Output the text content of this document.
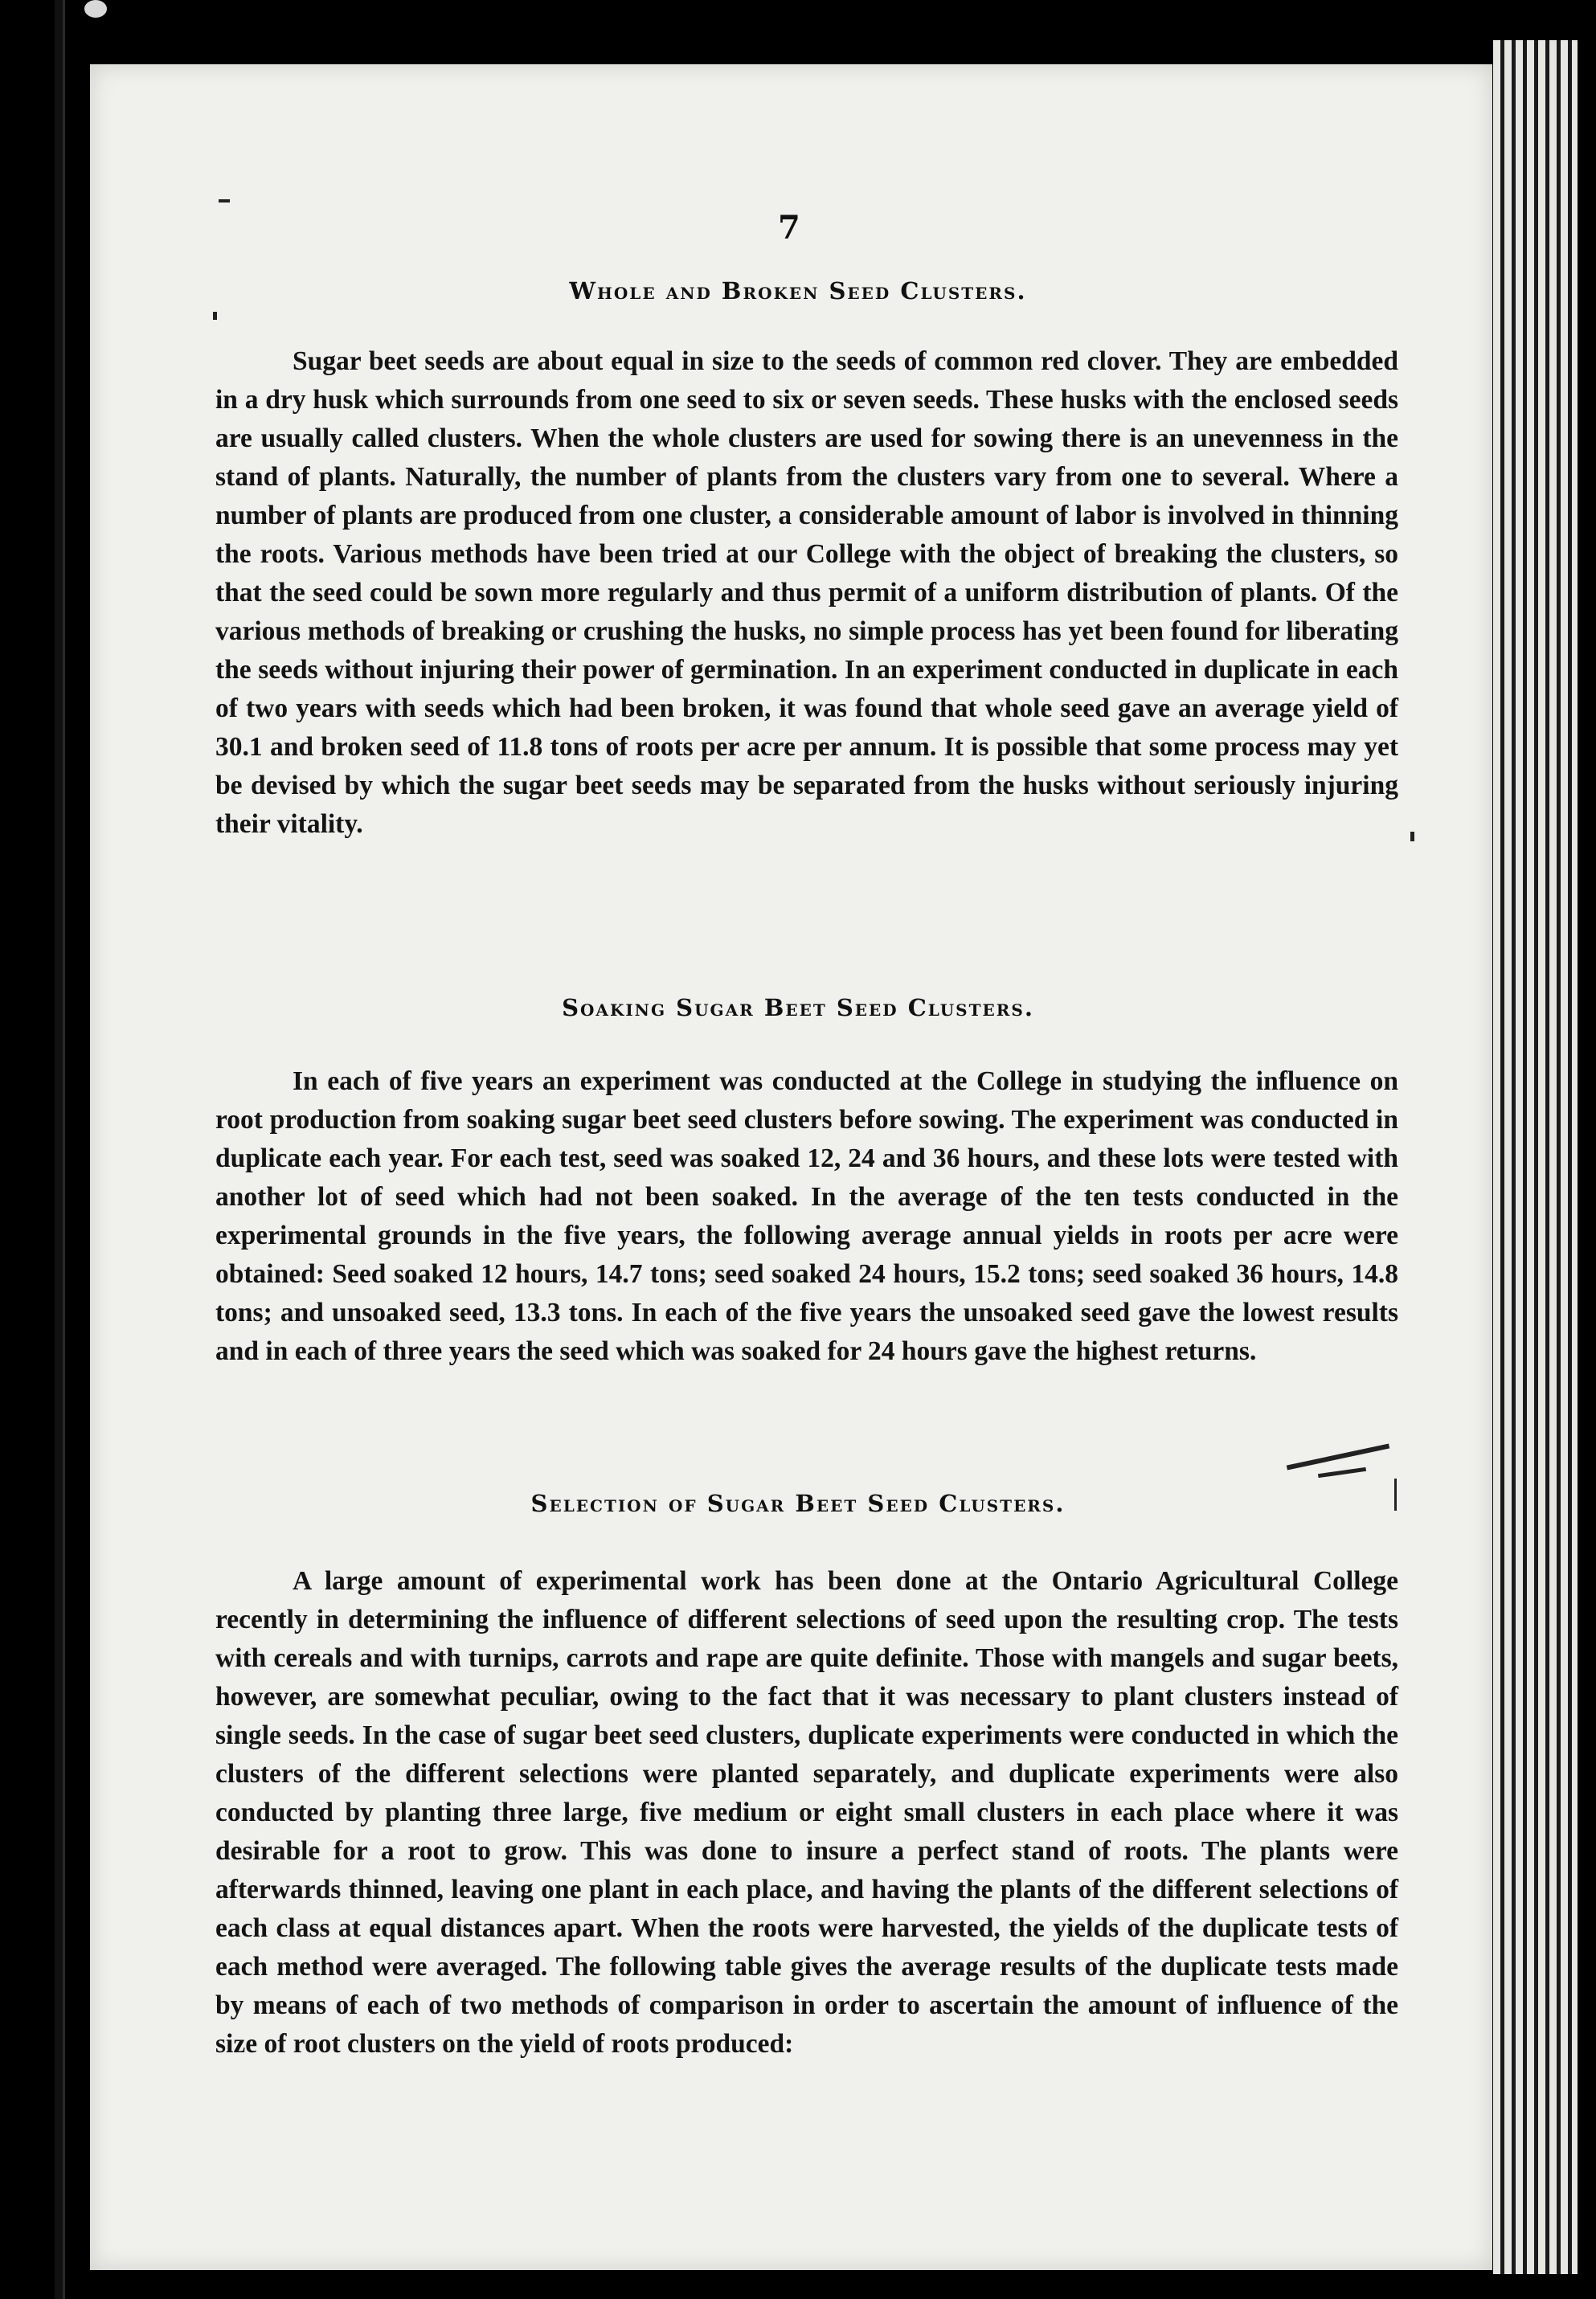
7
Whole and Broken Seed Clusters.

Sugar beet seeds are about equal in size to the seeds of common red clover. They are embedded in a dry husk which surrounds from one seed to six or seven seeds. These husks with the enclosed seeds are usually called clusters. When the whole clusters are used for sowing there is an unevenness in the stand of plants. Naturally, the number of plants from the clusters vary from one to several. Where a number of plants are produced from one cluster, a considerable amount of labor is involved in thinning the roots. Various methods have been tried at our College with the object of breaking the clusters, so that the seed could be sown more regularly and thus permit of a uniform distribution of plants. Of the various methods of breaking or crushing the husks, no simple process has yet been found for liberating the seeds without injuring their power of germination. In an experiment conducted in duplicate in each of two years with seeds which had been broken, it was found that whole seed gave an average yield of 30.1 and broken seed of 11.8 tons of roots per acre per annum. It is possible that some process may yet be devised by which the sugar beet seeds may be separated from the husks without seriously injuring their vitality.

Soaking Sugar Beet Seed Clusters.

In each of five years an experiment was conducted at the College in studying the influence on root production from soaking sugar beet seed clusters before sowing. The experiment was conducted in duplicate each year. For each test, seed was soaked 12, 24 and 36 hours, and these lots were tested with another lot of seed which had not been soaked. In the average of the ten tests conducted in the experimental grounds in the five years, the following average annual yields in roots per acre were obtained: Seed soaked 12 hours, 14.7 tons; seed soaked 24 hours, 15.2 tons; seed soaked 36 hours, 14.8 tons; and unsoaked seed, 13.3 tons. In each of the five years the unsoaked seed gave the lowest results and in each of three years the seed which was soaked for 24 hours gave the highest returns.

Selection of Sugar Beet Seed Clusters.

A large amount of experimental work has been done at the Ontario Agricultural College recently in determining the influence of different selections of seed upon the resulting crop. The tests with cereals and with turnips, carrots and rape are quite definite. Those with mangels and sugar beets, however, are somewhat peculiar, owing to the fact that it was necessary to plant clusters instead of single seeds. In the case of sugar beet seed clusters, duplicate experiments were conducted in which the clusters of the different selections were planted separately, and duplicate experiments were also conducted by planting three large, five medium or eight small clusters in each place where it was desirable for a root to grow. This was done to insure a perfect stand of roots. The plants were afterwards thinned, leaving one plant in each place, and having the plants of the different selections of each class at equal distances apart. When the roots were harvested, the yields of the duplicate tests of each method were averaged. The following table gives the average results of the duplicate tests made by means of each of two methods of comparison in order to ascertain the amount of influence of the size of root clusters on the yield of roots produced:
